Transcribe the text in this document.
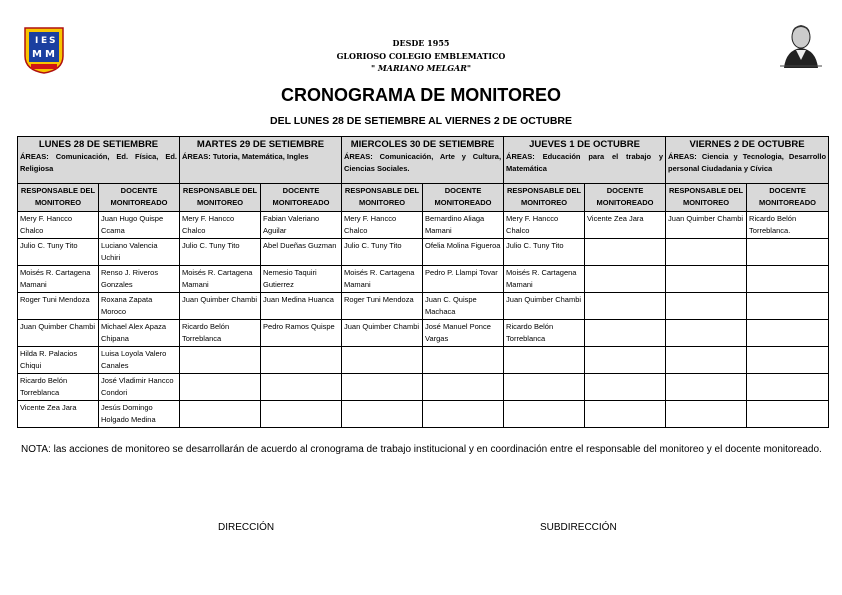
I E S
M M
DESDE 1955
GLORIOSO COLEGIO EMBLEMATICO
" MARIANO MELGAR"
CRONOGRAMA DE MONITOREO
DEL LUNES 28 DE SETIEMBRE AL VIERNES 2 DE OCTUBRE
LUNES 28 DE SETIEMBRE
ÁREAS: Comunicación, Ed. Física, Ed. Religiosa		MARTES 29 DE SETIEMBRE
ÁREAS: Tutoria, Matemática, Ingles		MIERCOLES 30 DE SETIEMBRE
ÁREAS: Comunicación, Arte y Cultura, Ciencias Sociales.		JUEVES 1 DE OCTUBRE
ÁREAS: Educación para el trabajo y Matemática		VIERNES 2 DE OCTUBRE
ÁREAS: Ciencia y Tecnologia, Desarrollo personal Ciudadania y Cívica	

RESPONSABLE DEL MONITOREO	DOCENTE MONITOREADO	RESPONSABLE DEL MONITOREO	DOCENTE MONITOREADO	RESPONSABLE DEL MONITOREO	DOCENTE MONITOREADO	RESPONSABLE DEL MONITOREO	DOCENTE MONITOREADO	RESPONSABLE DEL MONITOREO	DOCENTE MONITOREADO
Mery F. Hancco Chalco	Juan Hugo Quispe Ccama	Mery F. Hancco Chalco	Fabian Valeriano Aguilar	Mery F. Hancco Chalco	Bernardino Aliaga Mamani	Mery F. Hancco Chalco	Vicente Zea Jara	Juan Quimber Chambi	Ricardo Belón Torreblanca.
Julio C. Tuny Tito	Luciano Valencia Uchiri	Julio C. Tuny Tito	Abel Dueñas Guzman	Julio C. Tuny Tito	Ofelia Molina Figueroa	Julio C. Tuny Tito			
Moisés R. Cartagena Mamani	Renso J. Riveros Gonzales	Moisés R. Cartagena Mamani	Nemesio Taquiri Gutierrez	Moisés R. Cartagena Mamani	Pedro P. Llampi Tovar	Moisés R. Cartagena Mamani			
Roger Tuni Mendoza	Roxana Zapata Moroco	Juan Quimber Chambi	Juan Medina Huanca	Roger Tuni Mendoza	Juan C. Quispe Machaca	Juan Quimber Chambi			
Juan Quimber Chambi	Michael Alex Apaza Chipana	Ricardo Belón Torreblanca	Pedro Ramos Quispe	Juan Quimber Chambi	José Manuel Ponce Vargas	Ricardo Belón Torreblanca			
Hilda R. Palacios Chiqui	Luisa Loyola Valero Canales								
Ricardo Belón Torreblanca	José Vladimir Hancco Condori								
Vicente Zea Jara	Jesús Domingo Holgado Medina								
NOTA: las acciones de monitoreo se desarrollarán de acuerdo al cronograma de trabajo institucional y en coordinación entre el responsable del monitoreo y el docente monitoreado.
DIRECCIÓN	SUBDIRECCIÓN
